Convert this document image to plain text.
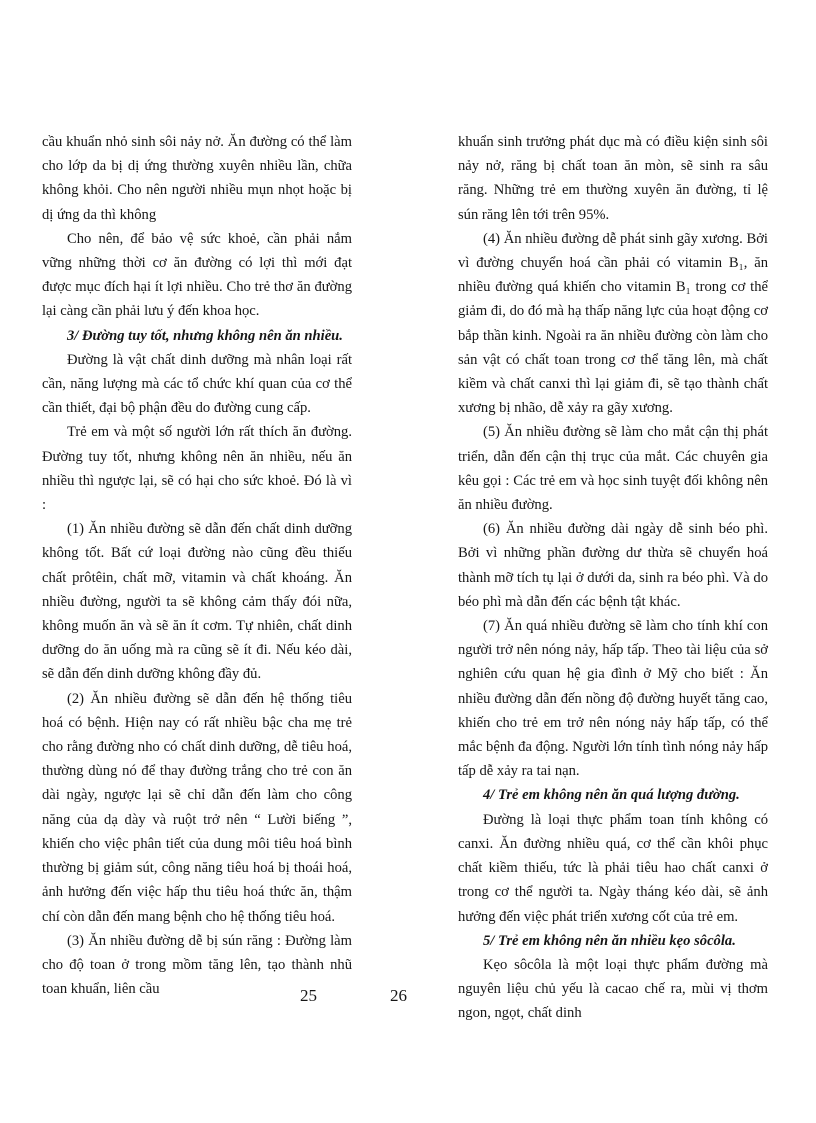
cầu khuẩn nhỏ sinh sôi nảy nở. Ăn đường có thể làm cho lớp da bị dị ứng thường xuyên nhiều lần, chữa không khỏi. Cho nên người nhiều mụn nhọt hoặc bị dị ứng da thì không

Cho nên, để bảo vệ sức khoẻ, cần phải nắm vững những thời cơ ăn đường có lợi thì mới đạt được mục đích hại ít lợi nhiều. Cho trẻ thơ ăn đường lại càng cần phải lưu ý đến khoa học.

3/ Đường tuy tốt, nhưng không nên ăn nhiều.

Đường là vật chất dinh dưỡng mà nhân loại rất cần, năng lượng mà các tổ chức khí quan của cơ thể cần thiết, đại bộ phận đều do đường cung cấp.

Trẻ em và một số người lớn rất thích ăn đường. Đường tuy tốt, nhưng không nên ăn nhiều, nếu ăn nhiều thì ngược lại, sẽ có hại cho sức khoẻ. Đó là vì :

(1) Ăn nhiều đường sẽ dẫn đến chất dinh dưỡng không tốt. Bất cứ loại đường nào cũng đều thiếu chất prôtêin, chất mỡ, vitamin và chất khoáng. Ăn nhiều đường, người ta sẽ không cảm thấy đói nữa, không muốn ăn và sẽ ăn ít cơm. Tự nhiên, chất dinh dưỡng do ăn uống mà ra cũng sẽ ít đi. Nếu kéo dài, sẽ dẫn đến dinh dưỡng không đầy đủ.

(2) Ăn nhiều đường sẽ dẫn đến hệ thống tiêu hoá có bệnh. Hiện nay có rất nhiều bậc cha mẹ trẻ cho rằng đường nho có chất dinh dưỡng, dễ tiêu hoá, thường dùng nó để thay đường trắng cho trẻ con ăn dài ngày, ngược lại sẽ chỉ dẫn đến làm cho công năng của dạ dày và ruột trở nên “ Lười biếng ”, khiến cho việc phân tiết của dung môi tiêu hoá bình thường bị giảm sút, công năng tiêu hoá bị thoái hoá, ảnh hưởng đến việc hấp thu tiêu hoá thức ăn, thậm chí còn dẫn đến mang bệnh cho hệ thống tiêu hoá.

(3) Ăn nhiều đường dễ bị sún răng : Đường làm cho độ toan ở trong mồm tăng lên, tạo thành nhũ toan khuẩn, liên cầu

khuẩn sinh trưởng phát dục mà có điều kiện sinh sôi nảy nở, răng bị chất toan ăn mòn, sẽ sinh ra sâu răng. Những trẻ em thường xuyên ăn đường, tỉ lệ sún răng lên tới trên 95%.

(4) Ăn nhiều đường dễ phát sinh gãy xương. Bởi vì đường chuyển hoá cần phải có vitamin B₁, ăn nhiều đường quá khiến cho vitamin B₁ trong cơ thể giảm đi, do đó mà hạ thấp năng lực của hoạt động cơ bắp thần kinh. Ngoài ra ăn nhiều đường còn làm cho sản vật có chất toan trong cơ thể tăng lên, mà chất kiềm và chất canxi thì lại giảm đi, sẽ tạo thành chất xương bị nhão, dễ xảy ra gãy xương.

(5) Ăn nhiều đường sẽ làm cho mắt cận thị phát triển, dẫn đến cận thị trục của mắt. Các chuyên gia kêu gọi : Các trẻ em và học sinh tuyệt đối không nên ăn nhiều đường.

(6) Ăn nhiều đường dài ngày dễ sinh béo phì. Bởi vì những phần đường dư thừa sẽ chuyển hoá thành mỡ tích tụ lại ở dưới da, sinh ra béo phì. Và do béo phì mà dẫn đến các bệnh tật khác.

(7) Ăn quá nhiều đường sẽ làm cho tính khí con người trở nên nóng nảy, hấp tấp. Theo tài liệu của sở nghiên cứu quan hệ gia đình ở Mỹ cho biết : Ăn nhiều đường dẫn đến nồng độ đường huyết tăng cao, khiến cho trẻ em trở nên nóng nảy hấp tấp, có thể mắc bệnh đa động. Người lớn tính tình nóng nảy hấp tấp dễ xảy ra tai nạn.

4/ Trẻ em không nên ăn quá lượng đường.

Đường là loại thực phẩm toan tính không có canxi. Ăn đường nhiều quá, cơ thể cần khôi phục chất kiềm thiếu, tức là phải tiêu hao chất canxi ở trong cơ thể người ta. Ngày tháng kéo dài, sẽ ảnh hưởng đến việc phát triển xương cốt của trẻ em.

5/ Trẻ em không nên ăn nhiều kẹo sôcôla.

Kẹo sôcôla là một loại thực phẩm đường mà nguyên liệu chủ yếu là cacao chế ra, mùi vị thơm ngon, ngọt, chất dinh

25	26
